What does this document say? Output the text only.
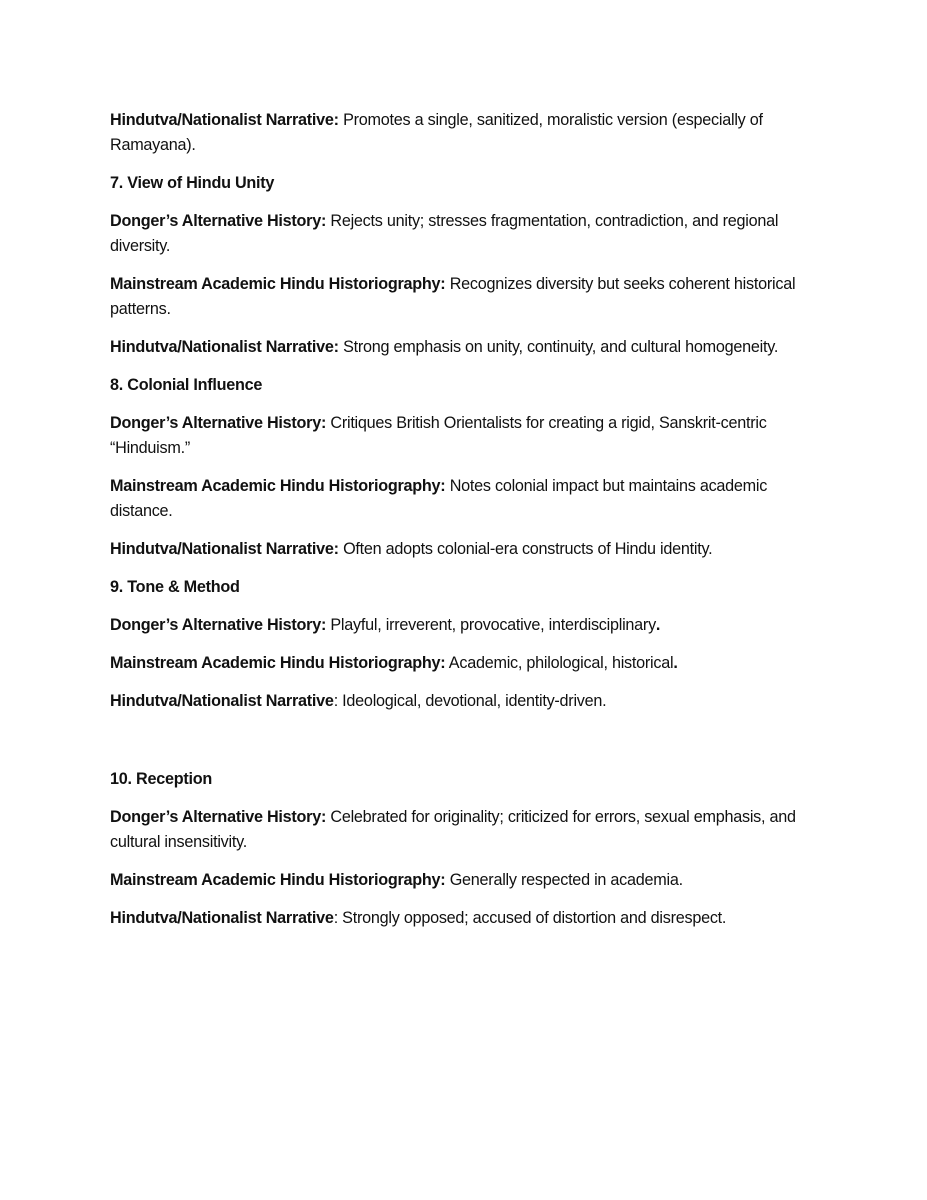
Hindutva/Nationalist Narrative: Promotes a single, sanitized, moralistic version (especially of Ramayana).

7. View of Hindu Unity

Donger’s Alternative History: Rejects unity; stresses fragmentation, contradiction, and regional diversity.

Mainstream Academic Hindu Historiography: Recognizes diversity but seeks coherent historical patterns.

Hindutva/Nationalist Narrative: Strong emphasis on unity, continuity, and cultural homogeneity.

8. Colonial Influence

Donger’s Alternative History: Critiques British Orientalists for creating a rigid, Sanskrit-centric “Hinduism.”

Mainstream Academic Hindu Historiography: Notes colonial impact but maintains academic distance.

Hindutva/Nationalist Narrative: Often adopts colonial-era constructs of Hindu identity.

9. Tone & Method

Donger’s Alternative History: Playful, irreverent, provocative, interdisciplinary.

Mainstream Academic Hindu Historiography: Academic, philological, historical.

Hindutva/Nationalist Narrative: Ideological, devotional, identity-driven.

10. Reception

Donger’s Alternative History: Celebrated for originality; criticized for errors, sexual emphasis, and cultural insensitivity.

Mainstream Academic Hindu Historiography: Generally respected in academia.

Hindutva/Nationalist Narrative: Strongly opposed; accused of distortion and disrespect.
